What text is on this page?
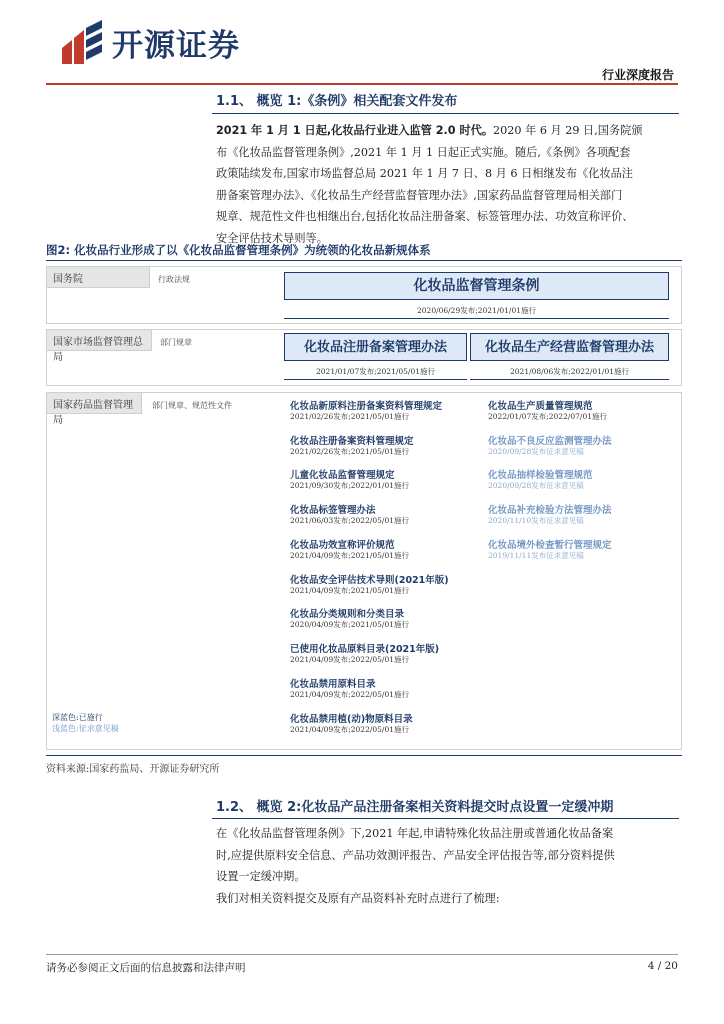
开源证券
行业深度报告
1.1、 概览 1:《条例》相关配套文件发布
2021 年 1 月 1 日起,化妆品行业进入监管 2.0 时代。2020 年 6 月 29 日,国务院颁
布《化妆品监督管理条例》,2021 年 1 月 1 日起正式实施。随后,《条例》各项配套
政策陆续发布,国家市场监督总局 2021 年 1 月 7 日、8 月 6 日相继发布《化妆品注
册备案管理办法》、《化妆品生产经营监督管理办法》,国家药品监督管理局相关部门
规章、规范性文件也相继出台,包括化妆品注册备案、标签管理办法、功效宣称评价、
安全评估技术导则等。
图2: 化妆品行业形成了以《化妆品监督管理条例》为统领的化妆品新规体系
国务院	行政法规	化妆品监督管理条例
2020/06/29发布;2021/01/01施行
国家市场监督管理总局
部门规章	化妆品注册备案管理办法
2021/01/07发布;2021/05/01施行
化妆品生产经营监督管理办法
2021/08/06发布;2022/01/01施行
国家药品监督管理局
部门规章、规范性文件	化妆品新原料注册备案资料管理规定
2021/02/26发布;2021/05/01施行
化妆品注册备案资料管理规定
2021/02/26发布;2021/05/01施行
儿童化妆品监督管理规定
2021/09/30发布;2022/01/01施行
化妆品标签管理办法
2021/06/03发布;2022/05/01施行
化妆品功效宣称评价规范
2021/04/09发布;2021/05/01施行
化妆品安全评估技术导则(2021年版)
2021/04/09发布;2021/05/01施行
化妆品分类规则和分类目录
2020/04/09发布;2021/05/01施行
已使用化妆品原料目录(2021年版)
2021/04/09发布;2022/05/01施行
化妆品禁用原料目录
2021/04/09发布;2022/05/01施行
化妆品禁用植(动)物原料目录
2021/04/09发布;2022/05/01施行
化妆品生产质量管理规范
2022/01/07发布;2022/07/01施行
化妆品不良反应监测管理办法
2020/09/28发布征求意见稿
化妆品抽样检验管理规范
2020/09/28发布征求意见稿
化妆品补充检验方法管理办法
2020/11/10发布征求意见稿
化妆品境外检查暂行管理规定
2019/11/11发布征求意见稿
深蓝色:已施行
浅蓝色:征求意见稿
资料来源:国家药监局、开源证券研究所
1.2、 概览 2:化妆品产品注册备案相关资料提交时点设置一定缓冲期
在《化妆品监督管理条例》下,2021 年起,申请特殊化妆品注册或普通化妆品备案
时,应提供原料安全信息、产品功效测评报告、产品安全评估报告等,部分资料提供
设置一定缓冲期。
我们对相关资料提交及原有产品资料补充时点进行了梳理:
请务必参阅正文后面的信息披露和法律声明	4 / 20
